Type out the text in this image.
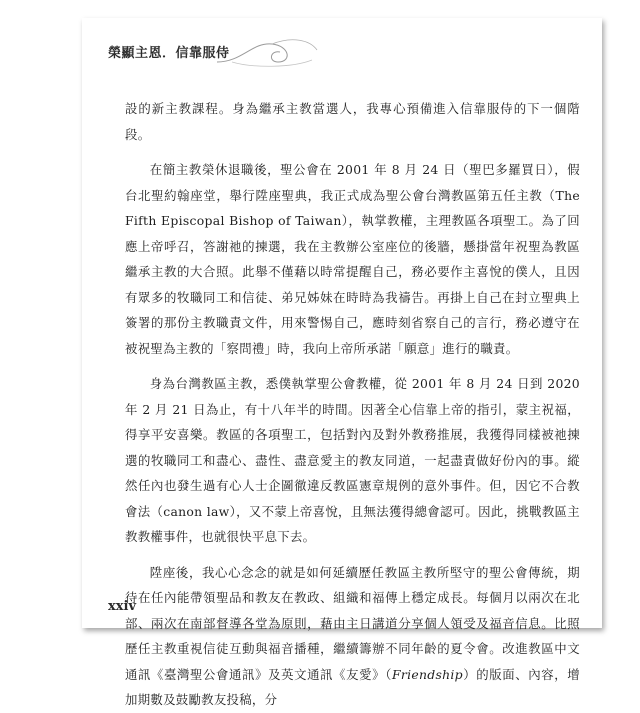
榮顯主恩．信靠服侍

設的新主教課程。身為繼承主教當選人，我專心預備進入信靠服侍的下一個階段。

在簡主教榮休退職後，聖公會在 2001 年 8 月 24 日（聖巴多羅買日），假台北聖約翰座堂，舉行陞座聖典，我正式成為聖公會台灣教區第五任主教（The Fifth Episcopal Bishop of Taiwan），執掌教權，主理教區各項聖工。為了回應上帝呼召，答謝祂的揀選，我在主教辦公室座位的後牆，懸掛當年祝聖為教區繼承主教的大合照。此舉不僅藉以時常提醒自己，務必要作主喜悅的僕人，且因有眾多的牧職同工和信徒、弟兄姊妹在時時為我禱告。再掛上自己在封立聖典上簽署的那份主教職責文件，用來警惕自己，應時刻省察自己的言行，務必遵守在被祝聖為主教的「察問禮」時，我向上帝所承諾「願意」進行的職責。

身為台灣教區主教，悉僕執掌聖公會教權，從 2001 年 8 月 24 日到 2020 年 2 月 21 日為止，有十八年半的時間。因著全心信靠上帝的指引，蒙主祝福，得享平安喜樂。教區的各項聖工，包括對內及對外教務推展，我獲得同樣被祂揀選的牧職同工和盡心、盡性、盡意愛主的教友同道，一起盡責做好份內的事。縱然任內也發生過有心人士企圖徹違反教區憲章規例的意外事件。但，因它不合教會法（canon law），又不蒙上帝喜悅，且無法獲得總會認可。因此，挑戰教區主教教權事件，也就很快平息下去。

陞座後，我心心念念的就是如何延續歷任教區主教所堅守的聖公會傳統，期待在任內能帶領聖品和教友在教政、組織和福傳上穩定成長。每個月以兩次在北部、兩次在南部督導各堂為原則，藉由主日講道分享個人領受及福音信息。比照歷任主教重視信徒互動與福音播種，繼續籌辦不同年齡的夏令會。改進教區中文通訊《臺灣聖公會通訊》及英文通訊《友愛》（Friendship）的版面、內容，增加期數及鼓勵教友投稿，分

xxiv
